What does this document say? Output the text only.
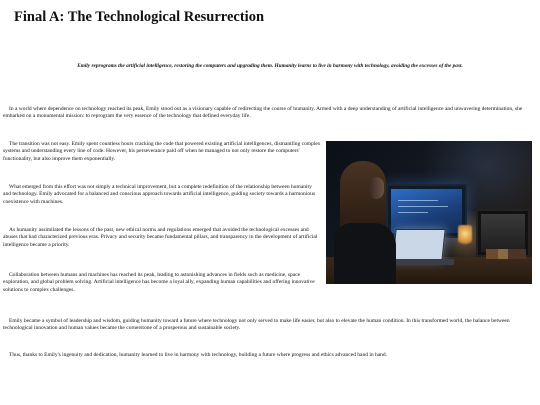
Final A: The Technological Resurrection

Emily reprograms the artificial intelligence, restoring the computers and upgrading them. Humanity learns to live in harmony with technology, avoiding the excesses of the past.

In a world where dependence on technology reached its peak, Emily stood out as a visionary capable of redirecting the course of humanity. Armed with a deep understanding of artificial intelligence and unwavering determination, she embarked on a monumental mission: to reprogram the very essence of the technology that defined everyday life.

The transition was not easy. Emily spent countless hours cracking the code that powered existing artificial intelligences, dismantling complex systems and understanding every line of code. However, his perseverance paid off when he managed to not only restore the computers' functionality, but also improve them exponentially.

What emerged from this effort was not simply a technical improvement, but a complete redefinition of the relationship between humanity and technology. Emily advocated for a balanced and conscious approach towards artificial intelligence, guiding society towards a harmonious coexistence with machines.

As humanity assimilated the lessons of the past, new ethical norms and regulations emerged that avoided the technological excesses and abuses that had characterized previous eras. Privacy and security became fundamental pillars, and transparency in the development of artificial intelligence became a priority.

Collaboration between humans and machines has reached its peak, leading to astonishing advances in fields such as medicine, space exploration, and global problem solving. Artificial intelligence has become a loyal ally, expanding human capabilities and offering innovative solutions to complex challenges.

Emily became a symbol of leadership and wisdom, guiding humanity toward a future where technology not only served to make life easier, but also to elevate the human condition. In this transformed world, the balance between technological innovation and human values became the cornerstone of a prosperous and sustainable society.

Thus, thanks to Emily's ingenuity and dedication, humanity learned to live in harmony with technology, building a future where progress and ethics advanced hand in hand.
